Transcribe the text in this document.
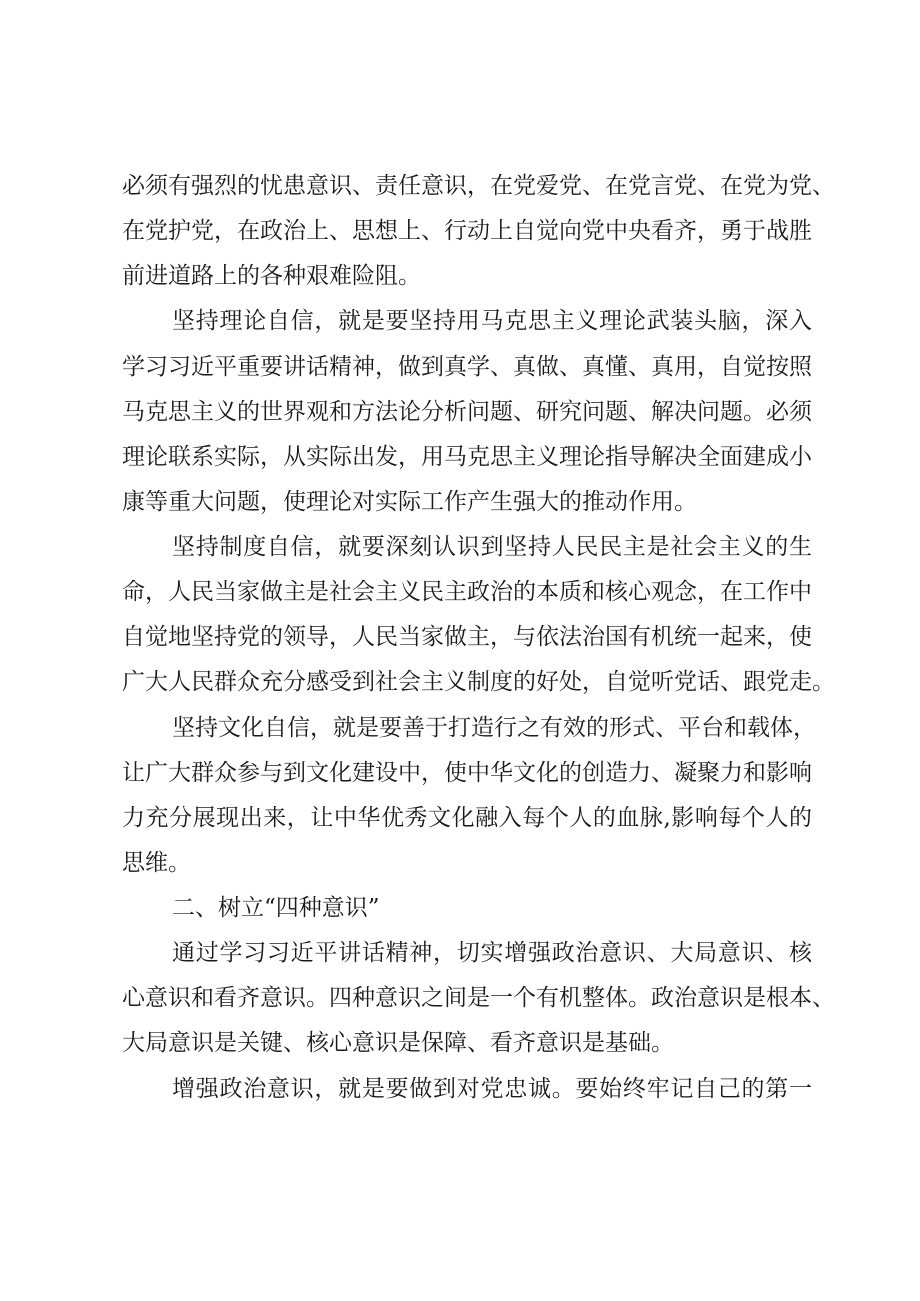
必须有强烈的忧患意识、责任意识，在党爱党、在党言党、在党为党、
在党护党，在政治上、思想上、行动上自觉向党中央看齐，勇于战胜
前进道路上的各种艰难险阻。
坚持理论自信，就是要坚持用马克思主义理论武装头脑，深入
学习习近平重要讲话精神，做到真学、真做、真懂、真用，自觉按照
马克思主义的世界观和方法论分析问题、研究问题、解决问题。必须
理论联系实际，从实际出发，用马克思主义理论指导解决全面建成小
康等重大问题，使理论对实际工作产生强大的推动作用。
坚持制度自信，就要深刻认识到坚持人民民主是社会主义的生
命，人民当家做主是社会主义民主政治的本质和核心观念，在工作中
自觉地坚持党的领导，人民当家做主，与依法治国有机统一起来，使
广大人民群众充分感受到社会主义制度的好处，自觉听党话、跟党走。
坚持文化自信，就是要善于打造行之有效的形式、平台和载体，
让广大群众参与到文化建设中，使中华文化的创造力、凝聚力和影响
力充分展现出来，让中华优秀文化融入每个人的血脉,影响每个人的
思维。
二、树立“四种意识”
通过学习习近平讲话精神，切实增强政治意识、大局意识、核
心意识和看齐意识。四种意识之间是一个有机整体。政治意识是根本、
大局意识是关键、核心意识是保障、看齐意识是基础。
增强政治意识，就是要做到对党忠诚。要始终牢记自己的第一
